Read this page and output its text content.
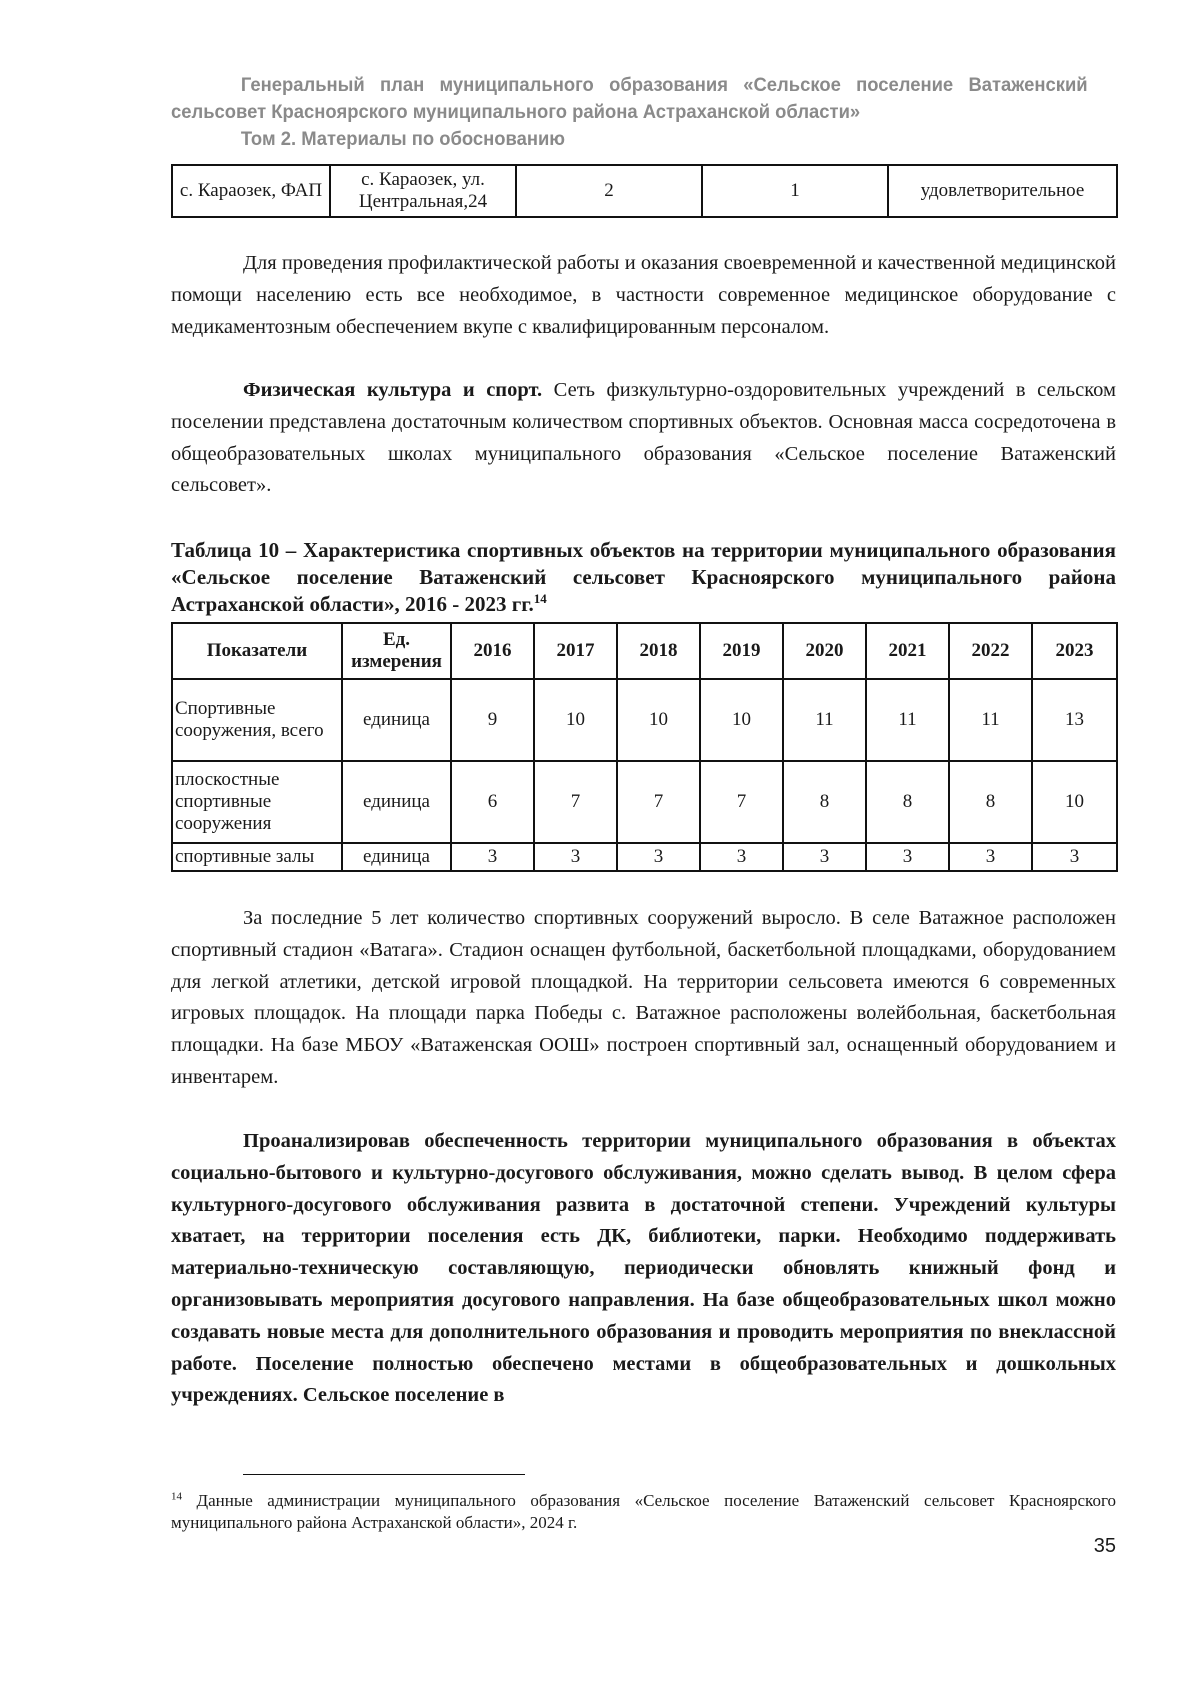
Генеральный план муниципального образования «Сельское поселение Ватаженский
сельсовет Красноярского муниципального района Астраханской области»
Том 2. Материалы по обоснованию
с. Караозек, ФАП	с. Караозек, ул. Центральная,24	2	1	удовлетворительное

Для проведения профилактической работы и оказания своевременной и качественной медицинской помощи населению есть все необходимое, в частности современное медицинское оборудование с медикаментозным обеспечением вкупе с квалифицированным персоналом.

Физическая культура и спорт. Сеть физкультурно-оздоровительных учреждений в сельском поселении представлена достаточным количеством спортивных объектов. Основная масса сосредоточена в общеобразовательных школах муниципального образования «Сельское поселение Ватаженский сельсовет».

Таблица 10 – Характеристика спортивных объектов на территории муниципального образования «Сельское поселение Ватаженский сельсовет Красноярского муниципального района Астраханской области», 2016 - 2023 гг.$^{14}$
Показатели	Ед. измерения	2016	2017	2018	2019	2020	2021	2022	2023
Спортивные сооружения, всего	единица	9	10	10	10	11	11	11	13
плоскостные спортивные сооружения	единица	6	7	7	7	8	8	8	10
спортивные залы	единица	3	3	3	3	3	3	3	3

За последние 5 лет количество спортивных сооружений выросло. В селе Ватажное расположен спортивный стадион «Ватага». Стадион оснащен футбольной, баскетбольной площадками, оборудованием для легкой атлетики, детской игровой площадкой. На территории сельсовета имеются 6 современных игровых площадок. На площади парка Победы с. Ватажное расположены волейбольная, баскетбольная площадки. На базе МБОУ «Ватаженская ООШ» построен спортивный зал, оснащенный оборудованием и инвентарем.

Проанализировав обеспеченность территории муниципального образования в объектах социально-бытового и культурно-досугового обслуживания, можно сделать вывод. В целом сфера культурного-досугового обслуживания развита в достаточной степени. Учреждений культуры хватает, на территории поселения есть ДК, библиотеки, парки. Необходимо поддерживать материально-техническую составляющую, периодически обновлять книжный фонд и организовывать мероприятия досугового направления. На базе общеобразовательных школ можно создавать новые места для дополнительного образования и проводить мероприятия по внеклассной работе. Поселение полностью обеспечено местами в общеобразовательных и дошкольных учреждениях. Сельское поселение в

$^{14}$ Данные администрации муниципального образования «Сельское поселение Ватаженский сельсовет Красноярского муниципального района Астраханской области», 2024 г.
35
